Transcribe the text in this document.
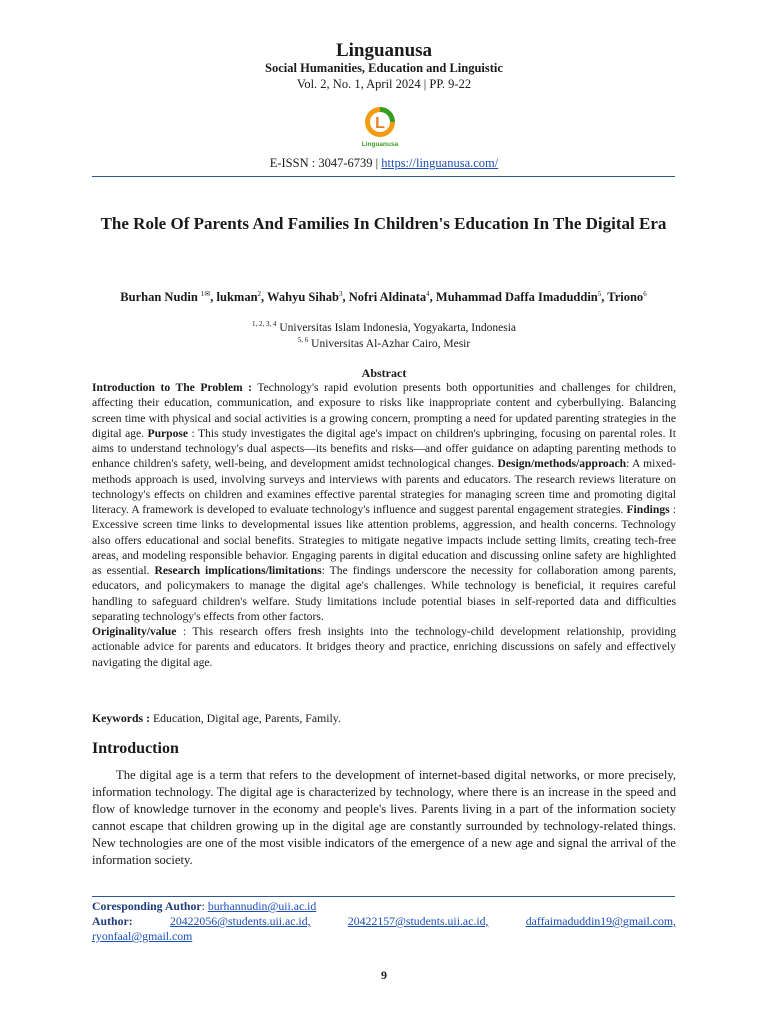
Linguanusa
Social Humanities, Education and Linguistic
Vol. 2, No. 1, April 2024 | PP. 9-22
L
Linguanusa
E-ISSN : 3047-6739 | https://linguanusa.com/
The Role Of Parents And Families In Children's Education In The Digital Era
Burhan Nudin $^{1✉}$, lukman$^2$, Wahyu Sihab$^3$, Nofri Aldinata$^4$, Muhammad Daffa Imaduddin$^5$, Triono$^6$
$^{1, 2, 3, 4}$ Universitas Islam Indonesia, Yogyakarta, Indonesia
$^{5, 6}$ Universitas Al-Azhar Cairo, Mesir
Abstract
Introduction to The Problem : Technology's rapid evolution presents both opportunities and challenges for children, affecting their education, communication, and exposure to risks like inappropriate content and cyberbullying. Balancing screen time with physical and social activities is a growing concern, prompting a need for updated parenting strategies in the digital age. Purpose : This study investigates the digital age's impact on children's upbringing, focusing on parental roles. It aims to understand technology's dual aspects—its benefits and risks—and offer guidance on adapting parenting methods to enhance children's safety, well-being, and development amidst technological changes. Design/methods/approach: A mixed-methods approach is used, involving surveys and interviews with parents and educators. The research reviews literature on technology's effects on children and examines effective parental strategies for managing screen time and promoting digital literacy. A framework is developed to evaluate technology's influence and suggest parental engagement strategies. Findings : Excessive screen time links to developmental issues like attention problems, aggression, and health concerns. Technology also offers educational and social benefits. Strategies to mitigate negative impacts include setting limits, creating tech-free areas, and modeling responsible behavior. Engaging parents in digital education and discussing online safety are highlighted as essential. Research implications/limitations: The findings underscore the necessity for collaboration among parents, educators, and policymakers to manage the digital age's challenges. While technology is beneficial, it requires careful handling to safeguard children's welfare. Study limitations include potential biases in self-reported data and difficulties separating technology's effects from other factors.
Originality/value : This research offers fresh insights into the technology-child development relationship, providing actionable advice for parents and educators. It bridges theory and practice, enriching discussions on safely and effectively navigating the digital age.
Keywords : Education, Digital age, Parents, Family.
Introduction
The digital age is a term that refers to the development of internet-based digital networks, or more precisely, information technology. The digital age is characterized by technology, where there is an increase in the speed and flow of knowledge turnover in the economy and people's lives. Parents living in a part of the information society cannot escape that children growing up in the digital age are constantly surrounded by technology-related things. New technologies are one of the most visible indicators of the emergence of a new age and signal the arrival of the information society.
Coresponding Author: burhannudin@uii.ac.id
Author:	20422056@students.uii.ac.id,	20422157@students.uii.ac.id,	daffaimaduddin19@gmail.com,
ryonfaal@gmail.com
9
